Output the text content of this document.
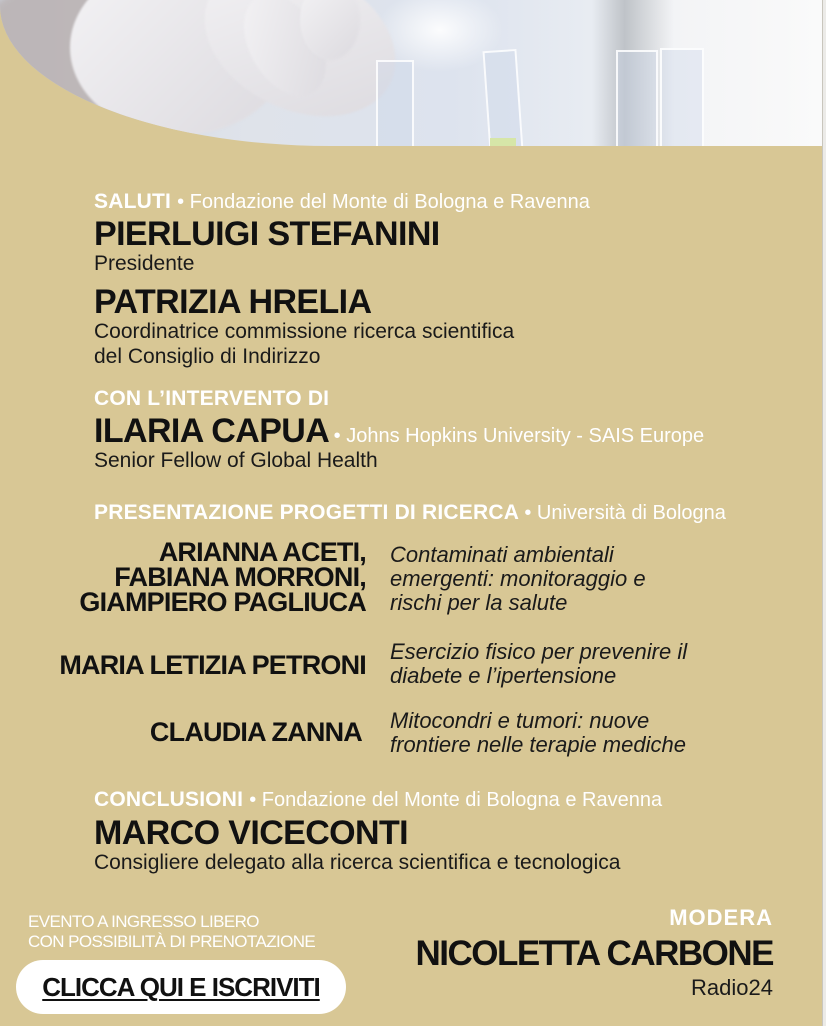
SALUTI • Fondazione del Monte di Bologna e Ravenna
PIERLUIGI STEFANINI
Presidente
PATRIZIA HRELIA
Coordinatrice commissione ricerca scientifica
del Consiglio di Indirizzo
CON L’INTERVENTO DI
ILARIA CAPUA • Johns Hopkins University - SAIS Europe
Senior Fellow of Global Health
PRESENTAZIONE PROGETTI DI RICERCA • Università di Bologna
ARIANNA ACETI,
FABIANA MORRONI,
GIAMPIERO PAGLIUCA
Contaminati ambientali
emergenti: monitoraggio e
rischi per la salute
MARIA LETIZIA PETRONI Esercizio fisico per prevenire il
diabete e l’ipertensione
CLAUDIA ZANNA Mitocondri e tumori: nuove
frontiere nelle terapie mediche
CONCLUSIONI • Fondazione del Monte di Bologna e Ravenna
MARCO VICECONTI
Consigliere delegato alla ricerca scientifica e tecnologica
EVENTO A INGRESSO LIBERO
CON POSSIBILITÀ DI PRENOTAZIONE
CLICCA QUI E ISCRIVITI
MODERA
NICOLETTA CARBONE
Radio24
